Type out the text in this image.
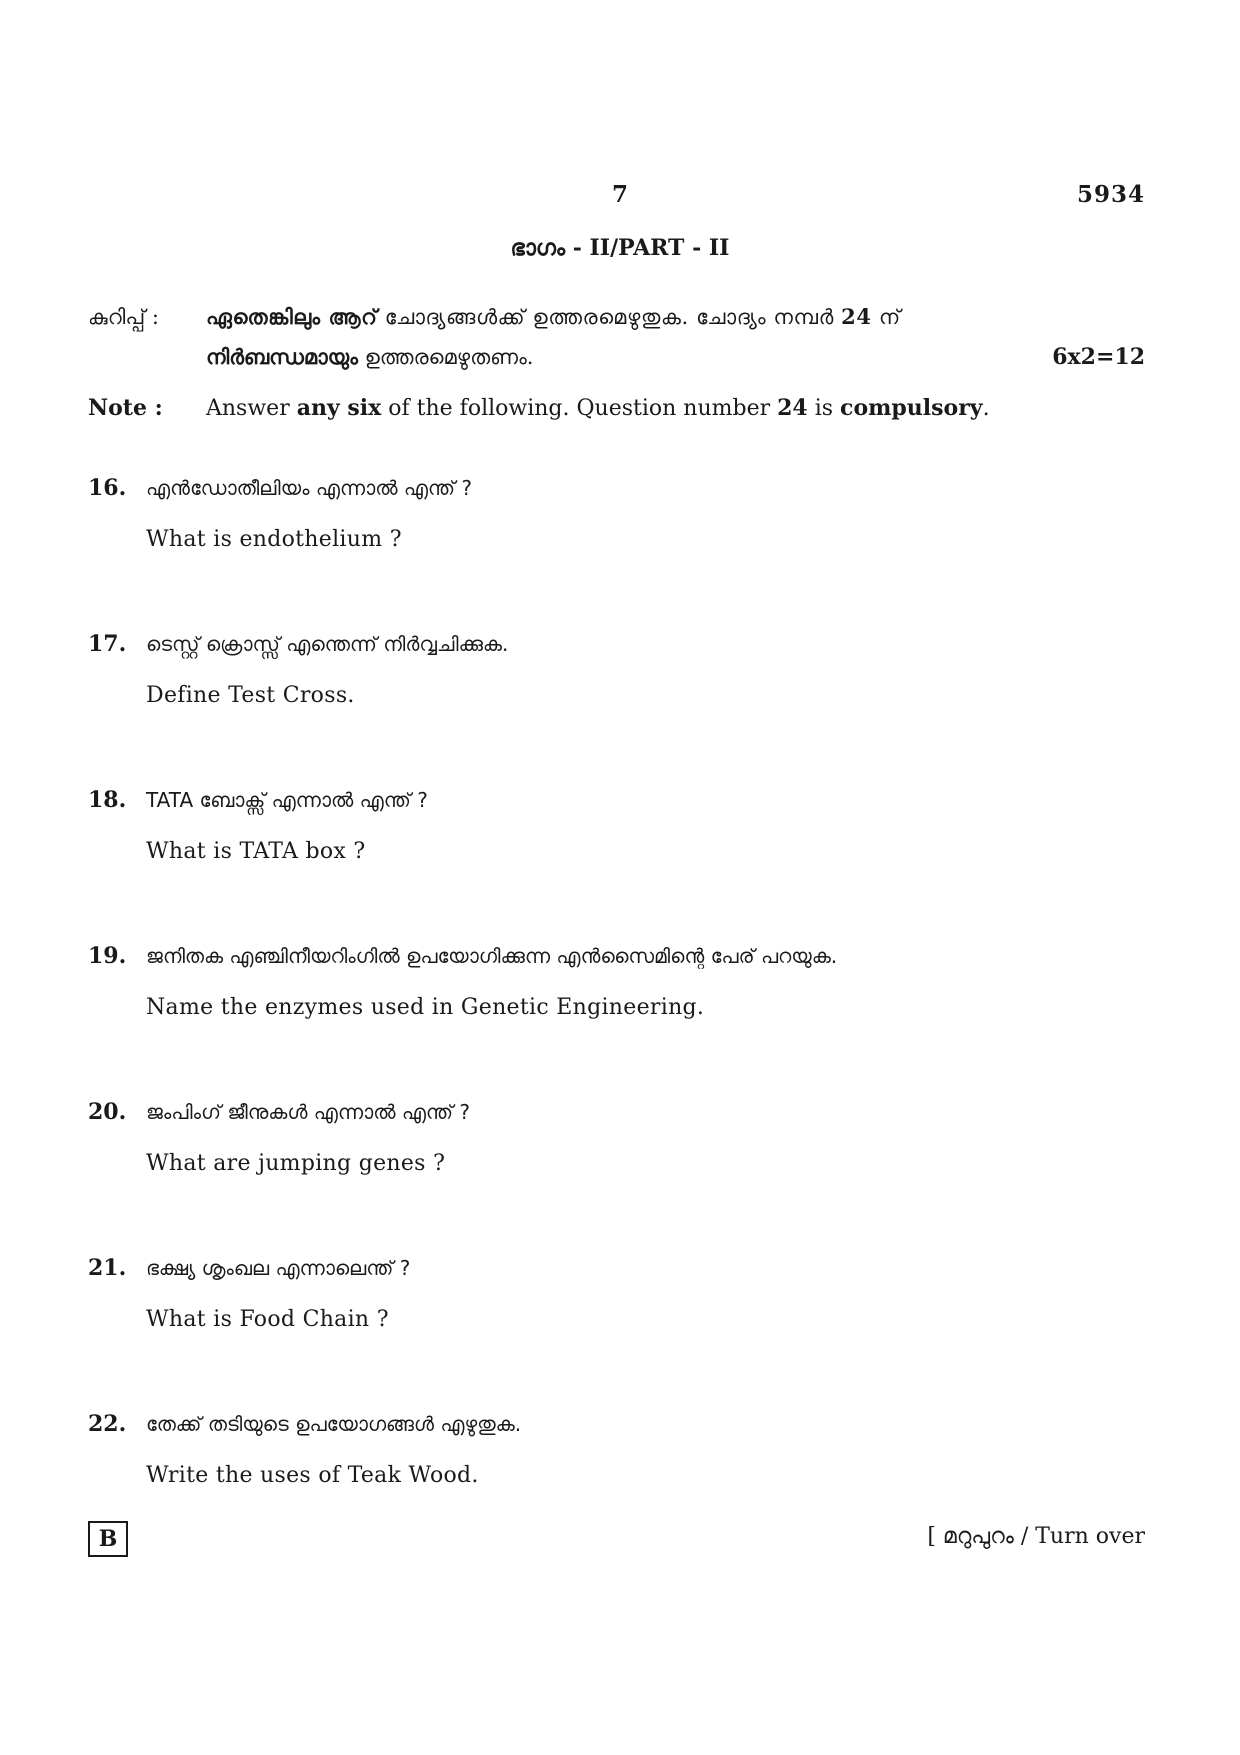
7	5934
ഭാഗം - II/PART - II
കുറിപ്പ് : ഏതെങ്കിലും ആറ് ചോദ്യങ്ങൾക്ക് ഉത്തരമെഴുതുക. ചോദ്യം നമ്പർ 24 ന്
നിർബന്ധമായും ഉത്തരമെഴുതണം.	6x2=12
Note : Answer any six of the following. Question number 24 is compulsory.
16. എൻഡോതീലിയം എന്നാൽ എന്ത് ?
What is endothelium ?
17. ടെസ്റ്റ് ക്രൊസ്സ് എന്തെന്ന് നിർവ്വചിക്കുക.
Define Test Cross.
18. TATA ബോക്സ് എന്നാൽ എന്ത് ?
What is TATA box ?
19. ജനിതക എഞ്ചിനീയറിംഗിൽ ഉപയോഗിക്കുന്ന എൻസൈമിന്റെ പേര് പറയുക.
Name the enzymes used in Genetic Engineering.
20. ജംപിംഗ് ജീനുകൾ എന്നാൽ എന്ത് ?
What are jumping genes ?
21. ഭക്ഷ്യ ശൃംഖല എന്നാലെന്ത് ?
What is Food Chain ?
22. തേക്ക് തടിയുടെ ഉപയോഗങ്ങൾ എഴുതുക.
Write the uses of Teak Wood.
B	[ മറുപുറം / Turn over
